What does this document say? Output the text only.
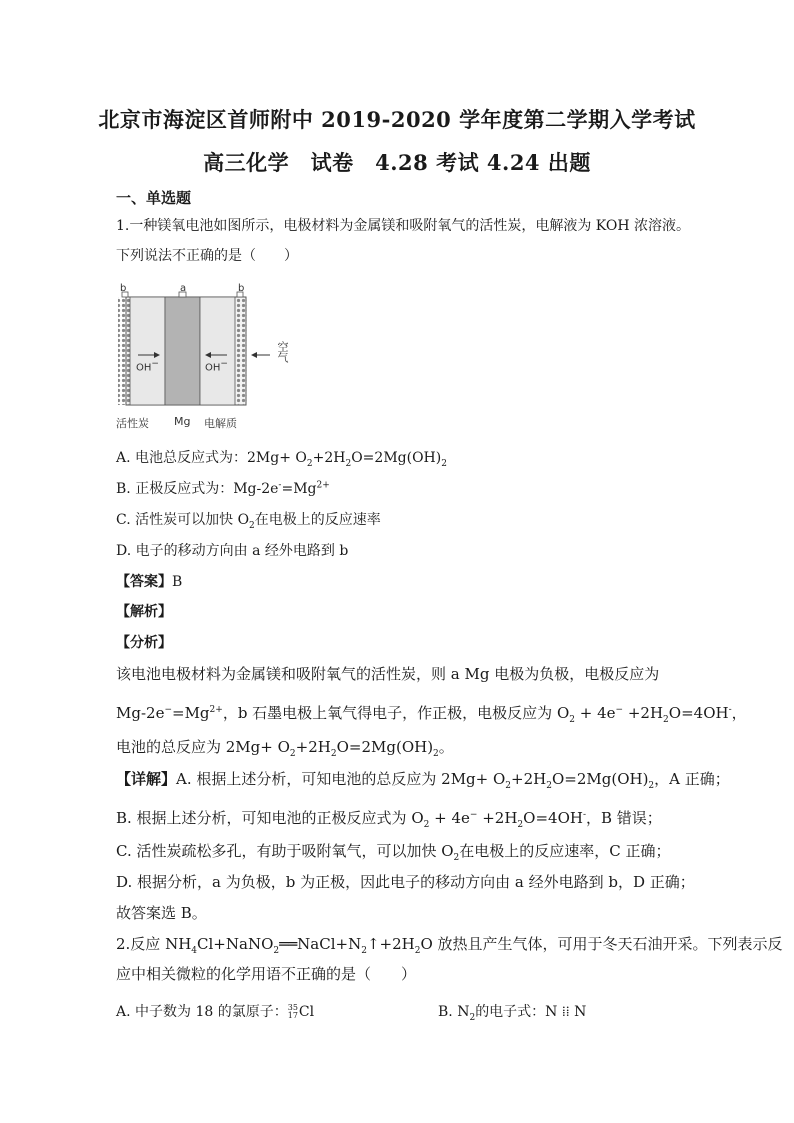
北京市海淀区首师附中 2019-2020 学年度第二学期入学考试
高三化学　试卷　4.28 考试 4.24 出题
一、单选题
1.一种镁氧电池如图所示，电极材料为金属镁和吸附氧气的活性炭，电解液为 KOH 浓溶液。
下列说法不正确的是（　　）
b	a	b
OH−	OH−
空气
活性炭 Mg 电解质
A. 电池总反应式为：$2Mg+ O_2+2H_2O=2Mg(OH)_2$
B. 正极反应式为：$Mg-2e^-=Mg^{2+}$
C. 活性炭可以加快 $O_2$在电极上的反应速率
D. 电子的移动方向由 a 经外电路到 b
【答案】B
【解析】
【分析】
该电池电极材料为金属镁和吸附氧气的活性炭，则 a Mg 电极为负极，电极反应为
$Mg-2e^-=Mg^{2+}$，b 石墨电极上氧气得电子，作正极，电极反应为 $O_2 + 4e^- +2H_2O=4OH^-$，
电池的总反应为 $2Mg+ O_2+2H_2O=2Mg(OH)_2$。
【详解】A. 根据上述分析，可知电池的总反应为 $2Mg+ O_2+2H_2O=2Mg(OH)_2$，A 正确；
B. 根据上述分析，可知电池的正极反应式为 $O_2 + 4e^- +2H_2O=4OH^-$，B 错误；
C. 活性炭疏松多孔，有助于吸附氧气，可以加快 $O_2$在电极上的反应速率，C 正确；
D. 根据分析，a 为负极，b 为正极，因此电子的移动方向由 a 经外电路到 b，D 正确；
故答案选 B。
2.反应 $NH_4Cl+NaNO_2══NaCl+N_2↑+2H_2O$ 放热且产生气体，可用于冬天石油开采。下列表示反
应中相关微粒的化学用语不正确的是（　　）
A. 中子数为 18 的氯原子：35
17Cl	B. $N_2$的电子式：N ⁞⁞ N
